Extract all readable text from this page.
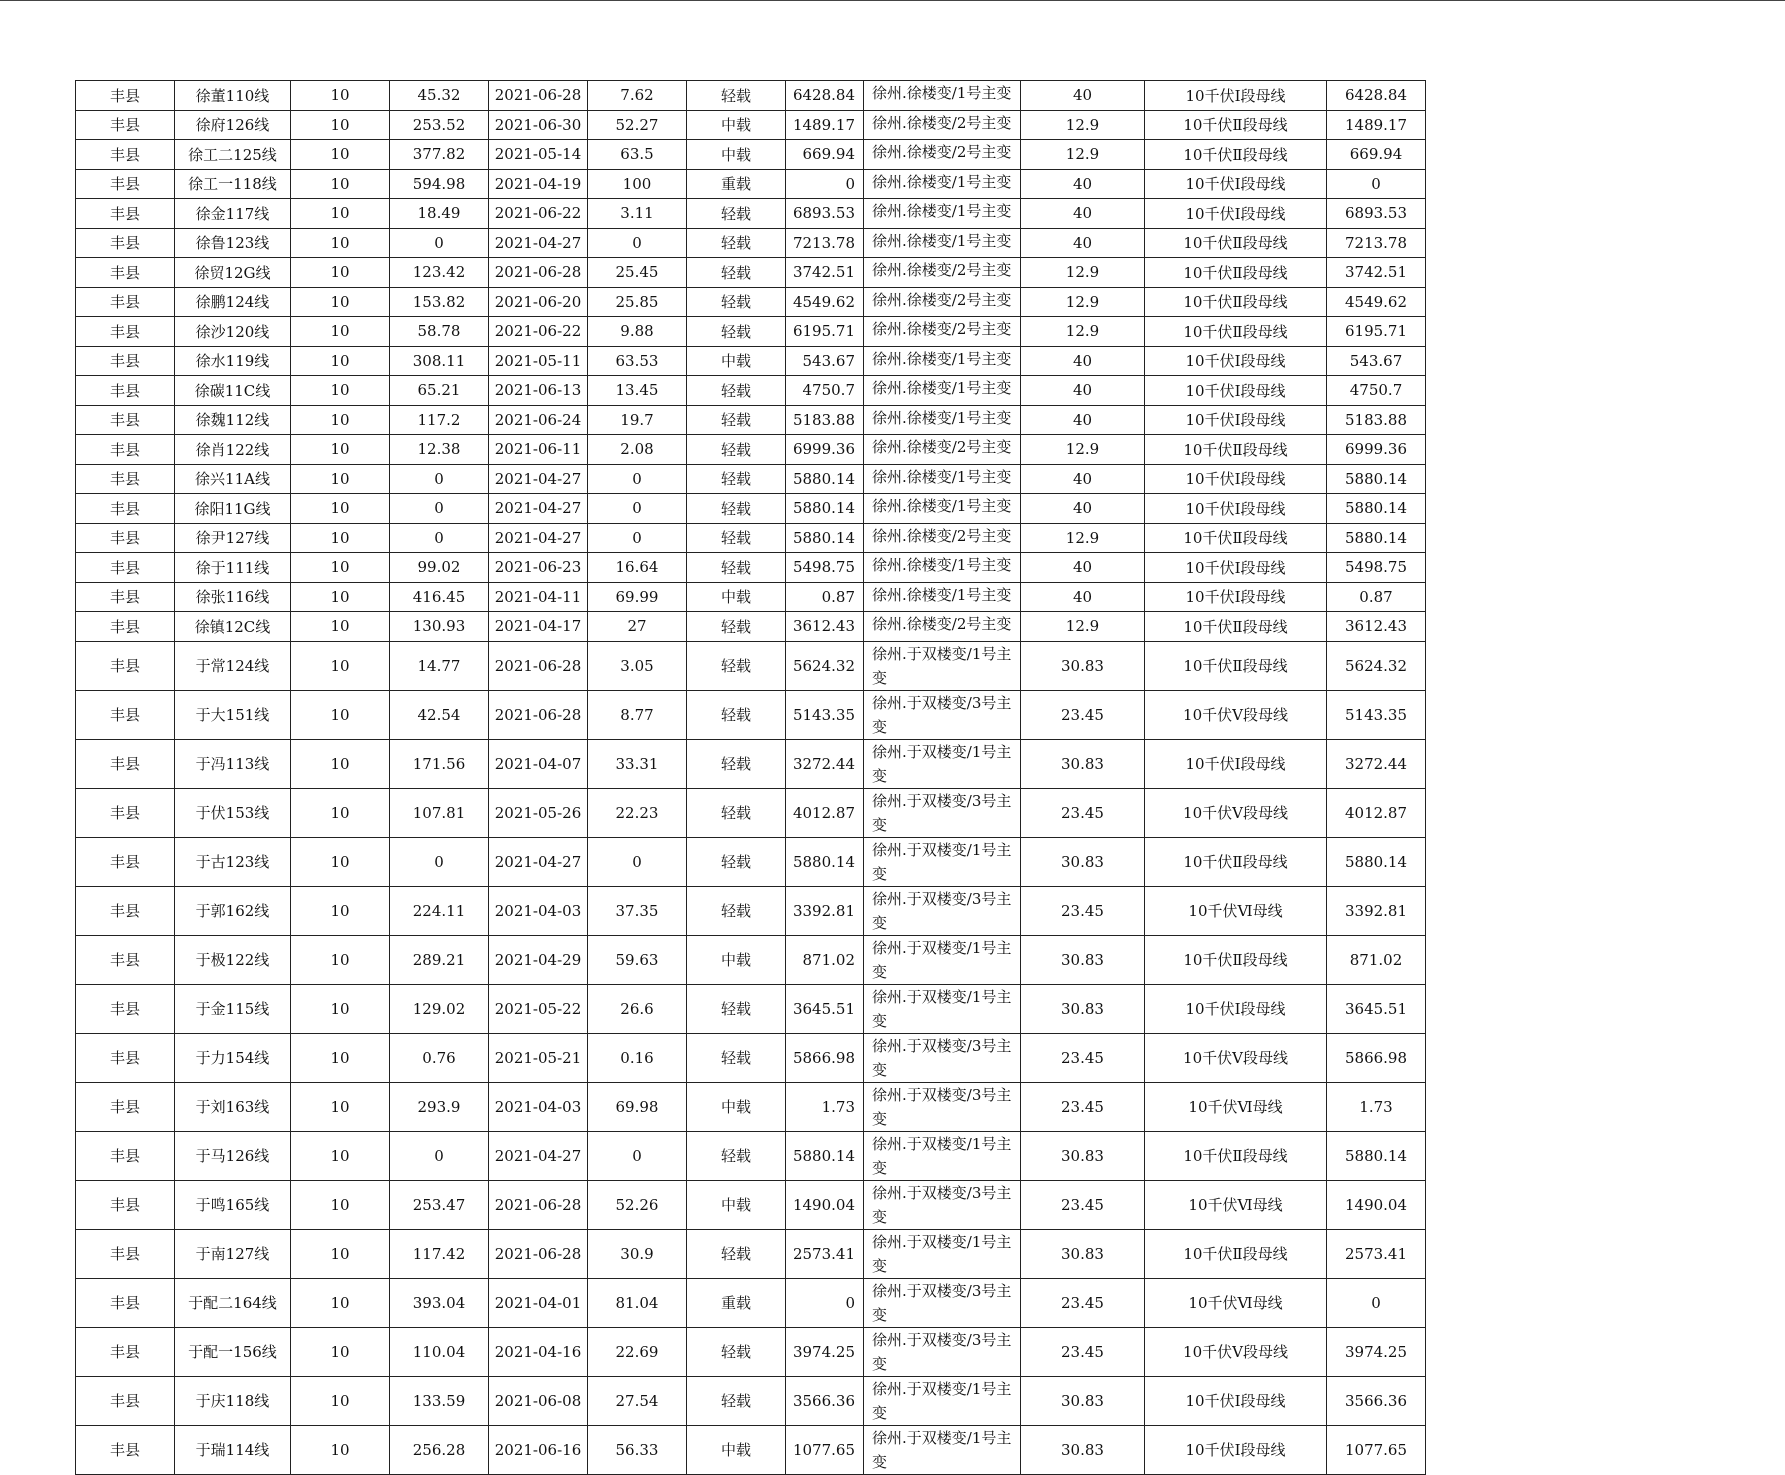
丰县	徐董110线	10	45.32	2021-06-28	7.62	轻载	6428.84	徐州.徐楼变/1号主变	40	10千伏Ⅰ段母线	6428.84
丰县	徐府126线	10	253.52	2021-06-30	52.27	中载	1489.17	徐州.徐楼变/2号主变	12.9	10千伏Ⅱ段母线	1489.17
丰县	徐工二125线	10	377.82	2021-05-14	63.5	中载	669.94	徐州.徐楼变/2号主变	12.9	10千伏Ⅱ段母线	669.94
丰县	徐工一118线	10	594.98	2021-04-19	100	重载	0	徐州.徐楼变/1号主变	40	10千伏Ⅰ段母线	0
丰县	徐金117线	10	18.49	2021-06-22	3.11	轻载	6893.53	徐州.徐楼变/1号主变	40	10千伏Ⅰ段母线	6893.53
丰县	徐鲁123线	10	0	2021-04-27	0	轻载	7213.78	徐州.徐楼变/1号主变	40	10千伏Ⅱ段母线	7213.78
丰县	徐贸12G线	10	123.42	2021-06-28	25.45	轻载	3742.51	徐州.徐楼变/2号主变	12.9	10千伏Ⅱ段母线	3742.51
丰县	徐鹏124线	10	153.82	2021-06-20	25.85	轻载	4549.62	徐州.徐楼变/2号主变	12.9	10千伏Ⅱ段母线	4549.62
丰县	徐沙120线	10	58.78	2021-06-22	9.88	轻载	6195.71	徐州.徐楼变/2号主变	12.9	10千伏Ⅱ段母线	6195.71
丰县	徐水119线	10	308.11	2021-05-11	63.53	中载	543.67	徐州.徐楼变/1号主变	40	10千伏Ⅰ段母线	543.67
丰县	徐碳11C线	10	65.21	2021-06-13	13.45	轻载	4750.7	徐州.徐楼变/1号主变	40	10千伏Ⅰ段母线	4750.7
丰县	徐魏112线	10	117.2	2021-06-24	19.7	轻载	5183.88	徐州.徐楼变/1号主变	40	10千伏Ⅰ段母线	5183.88
丰县	徐肖122线	10	12.38	2021-06-11	2.08	轻载	6999.36	徐州.徐楼变/2号主变	12.9	10千伏Ⅱ段母线	6999.36
丰县	徐兴11A线	10	0	2021-04-27	0	轻载	5880.14	徐州.徐楼变/1号主变	40	10千伏Ⅰ段母线	5880.14
丰县	徐阳11G线	10	0	2021-04-27	0	轻载	5880.14	徐州.徐楼变/1号主变	40	10千伏Ⅰ段母线	5880.14
丰县	徐尹127线	10	0	2021-04-27	0	轻载	5880.14	徐州.徐楼变/2号主变	12.9	10千伏Ⅱ段母线	5880.14
丰县	徐于111线	10	99.02	2021-06-23	16.64	轻载	5498.75	徐州.徐楼变/1号主变	40	10千伏Ⅰ段母线	5498.75
丰县	徐张116线	10	416.45	2021-04-11	69.99	中载	0.87	徐州.徐楼变/1号主变	40	10千伏Ⅰ段母线	0.87
丰县	徐镇12C线	10	130.93	2021-04-17	27	轻载	3612.43	徐州.徐楼变/2号主变	12.9	10千伏Ⅱ段母线	3612.43
丰县	于常124线	10	14.77	2021-06-28	3.05	轻载	5624.32	徐州.于双楼变/1号主变	30.83	10千伏Ⅱ段母线	5624.32
丰县	于大151线	10	42.54	2021-06-28	8.77	轻载	5143.35	徐州.于双楼变/3号主变	23.45	10千伏Ⅴ段母线	5143.35
丰县	于冯113线	10	171.56	2021-04-07	33.31	轻载	3272.44	徐州.于双楼变/1号主变	30.83	10千伏Ⅰ段母线	3272.44
丰县	于伏153线	10	107.81	2021-05-26	22.23	轻载	4012.87	徐州.于双楼变/3号主变	23.45	10千伏Ⅴ段母线	4012.87
丰县	于古123线	10	0	2021-04-27	0	轻载	5880.14	徐州.于双楼变/1号主变	30.83	10千伏Ⅱ段母线	5880.14
丰县	于郭162线	10	224.11	2021-04-03	37.35	轻载	3392.81	徐州.于双楼变/3号主变	23.45	10千伏Ⅵ母线	3392.81
丰县	于极122线	10	289.21	2021-04-29	59.63	中载	871.02	徐州.于双楼变/1号主变	30.83	10千伏Ⅱ段母线	871.02
丰县	于金115线	10	129.02	2021-05-22	26.6	轻载	3645.51	徐州.于双楼变/1号主变	30.83	10千伏Ⅰ段母线	3645.51
丰县	于力154线	10	0.76	2021-05-21	0.16	轻载	5866.98	徐州.于双楼变/3号主变	23.45	10千伏Ⅴ段母线	5866.98
丰县	于刘163线	10	293.9	2021-04-03	69.98	中载	1.73	徐州.于双楼变/3号主变	23.45	10千伏Ⅵ母线	1.73
丰县	于马126线	10	0	2021-04-27	0	轻载	5880.14	徐州.于双楼变/1号主变	30.83	10千伏Ⅱ段母线	5880.14
丰县	于鸣165线	10	253.47	2021-06-28	52.26	中载	1490.04	徐州.于双楼变/3号主变	23.45	10千伏Ⅵ母线	1490.04
丰县	于南127线	10	117.42	2021-06-28	30.9	轻载	2573.41	徐州.于双楼变/1号主变	30.83	10千伏Ⅱ段母线	2573.41
丰县	于配二164线	10	393.04	2021-04-01	81.04	重载	0	徐州.于双楼变/3号主变	23.45	10千伏Ⅵ母线	0
丰县	于配一156线	10	110.04	2021-04-16	22.69	轻载	3974.25	徐州.于双楼变/3号主变	23.45	10千伏Ⅴ段母线	3974.25
丰县	于庆118线	10	133.59	2021-06-08	27.54	轻载	3566.36	徐州.于双楼变/1号主变	30.83	10千伏Ⅰ段母线	3566.36
丰县	于瑞114线	10	256.28	2021-06-16	56.33	中载	1077.65	徐州.于双楼变/1号主变	30.83	10千伏Ⅰ段母线	1077.65
